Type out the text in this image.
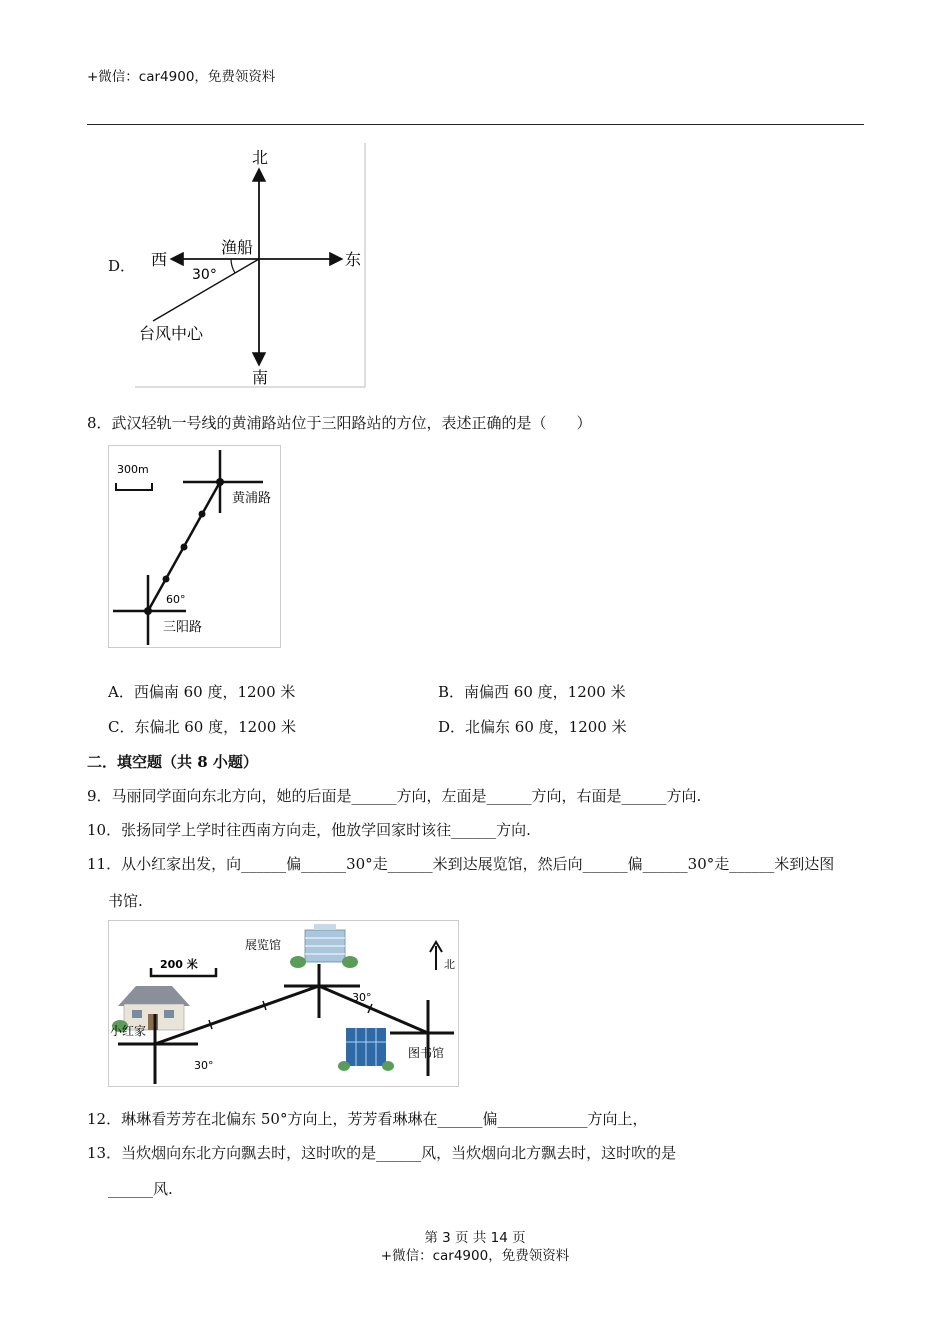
+微信：car4900，免费领资料
D．
北
南
东
西
渔船
30°
台风中心
8．武汉轻轨一号线的黄浦路站位于三阳路站的方位，表述正确的是（　　）
300m
黄浦路
60°
三阳路
A．西偏南 60 度，1200 米	B．南偏西 60 度，1200 米
C．东偏北 60 度，1200 米	D．北偏东 60 度，1200 米
二．填空题（共 8 小题）
9．马丽同学面向东北方向，她的后面是______方向，左面是______方向，右面是______方向.
10．张扬同学上学时往西南方向走，他放学回家时该往______方向.
11．从小红家出发，向______偏______30°走______米到达展览馆，然后向______偏______30°走______米到达图
书馆.
200 米
展览馆
小红家
图书馆
北
30°
30°
12．琳琳看芳芳在北偏东 50°方向上，芳芳看琳琳在______偏____________方向上，
13．当炊烟向东北方向飘去时，这时吹的是______风，当炊烟向北方飘去时，这时吹的是
______风.
第 3 页 共 14 页
+微信：car4900，免费领资料
